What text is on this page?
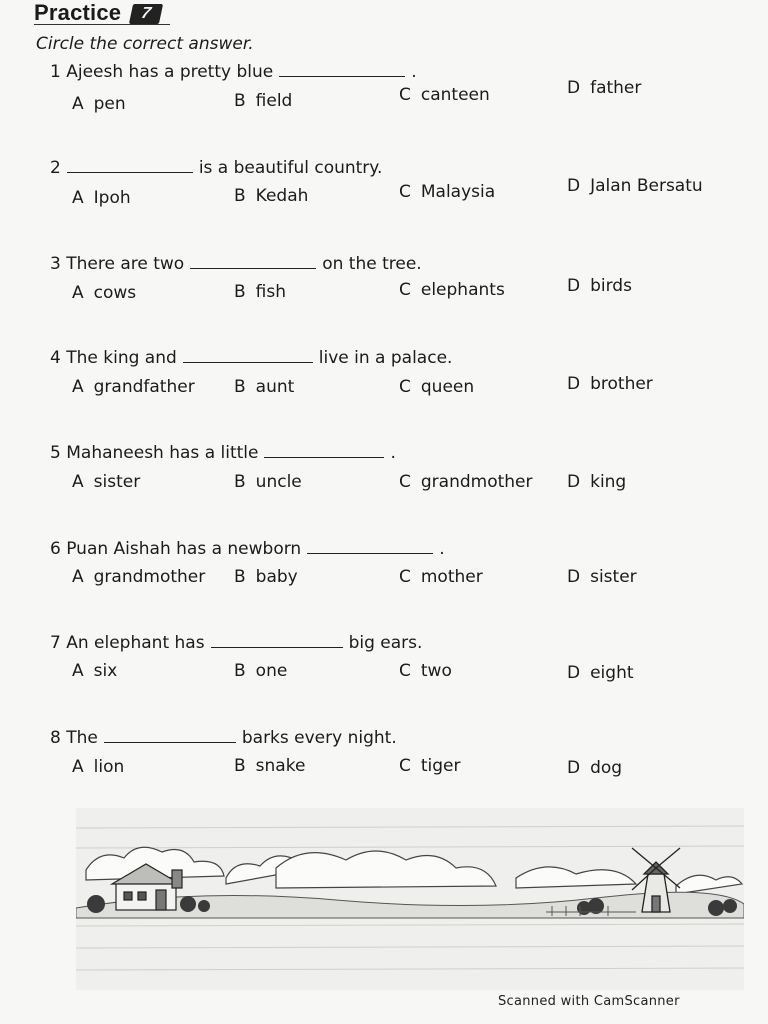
Practice 7
Circle the correct answer.
1 Ajeesh has a pretty blue	.
A pen	B field	C canteen	D father
2	is a beautiful country.
A Ipoh	B Kedah	C Malaysia	D Jalan Bersatu
3 There are two	on the tree.
A cows	B fish	C elephants	D birds
4 The king and	live in a palace.
A grandfather B aunt	C queen	D brother
5 Mahaneesh has a little	.
A sister	B uncle	C grandmother D king
6 Puan Aishah has a newborn	.
A grandmother B baby	C mother	D sister
7 An elephant has	big ears.
A six	B one	C two	D eight
8 The	barks every night.
A lion	B snake	C tiger	D dog
Scanned with CamScanner
